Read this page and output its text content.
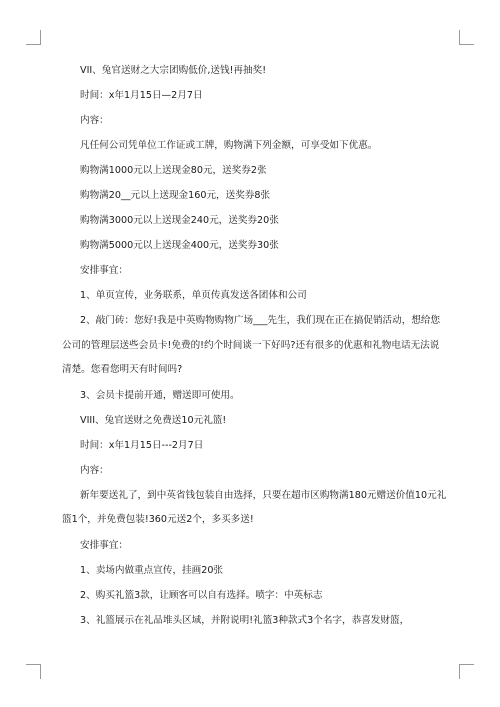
VII、兔官送财之大宗团购低价,送钱!再抽奖!
时间：x年1月15日—2月7日
内容：
凡任何公司凭单位工作证或工牌，购物满下列金额，可享受如下优惠。
购物满1000元以上送现金80元，送奖券2张
购物满20__元以上送现金160元，送奖券8张
购物满3000元以上送现金240元，送奖券20张
购物满5000元以上送现金400元，送奖券30张
安排事宜：
1、单页宣传，业务联系，单页传真发送各团体和公司
2、敲门砖：您好!我是中英购物购物广场___先生，我们现在正在搞促销活动，想给您公司的管理层送些会员卡!免费的!约个时间谈一下好吗?还有很多的优惠和礼物电话无法说清楚。您看您明天有时间吗?
3、会员卡提前开通，赠送即可使用。
VIII、兔官送财之免费送10元礼篮!
时间：x年1月15日---2月7日
内容：
新年要送礼了，到中英省钱包装自由选择，只要在超市区购物满180元赠送价值10元礼篮1个，并免费包装!360元送2个，多买多送!
安排事宜：
1、卖场内做重点宣传，挂画20张
2、购买礼篮3款，让顾客可以自有选择。喷字：中英标志
3、礼篮展示在礼品堆头区域，并附说明!礼篮3种款式3个名字，恭喜发财篮，
